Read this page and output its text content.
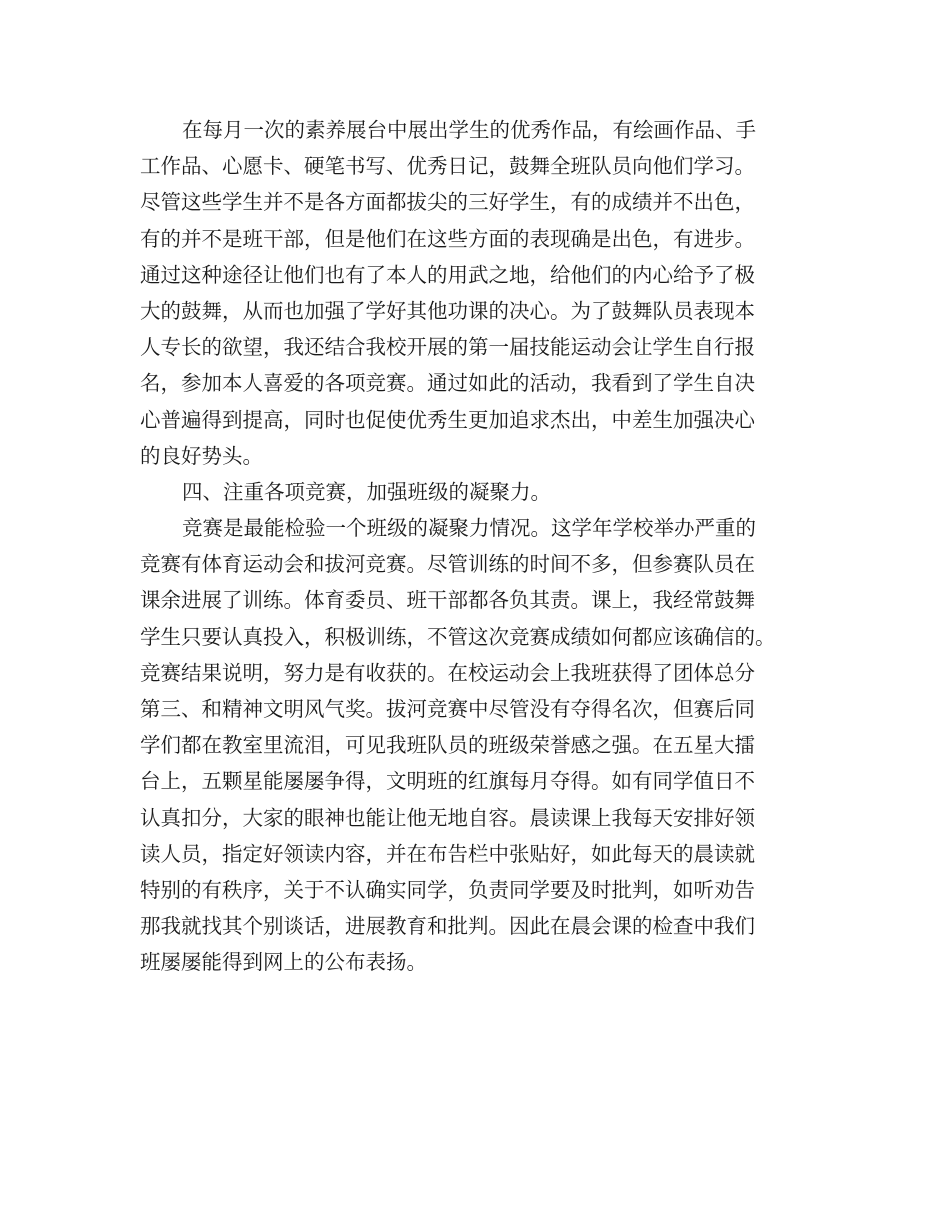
在每月一次的素养展台中展出学生的优秀作品，有绘画作品、手
工作品、心愿卡、硬笔书写、优秀日记，鼓舞全班队员向他们学习。
尽管这些学生并不是各方面都拔尖的三好学生，有的成绩并不出色，
有的并不是班干部，但是他们在这些方面的表现确是出色，有进步。
通过这种途径让他们也有了本人的用武之地，给他们的内心给予了极
大的鼓舞，从而也加强了学好其他功课的决心。为了鼓舞队员表现本
人专长的欲望，我还结合我校开展的第一届技能运动会让学生自行报
名，参加本人喜爱的各项竞赛。通过如此的活动，我看到了学生自决
心普遍得到提高，同时也促使优秀生更加追求杰出，中差生加强决心
的良好势头。
四、注重各项竞赛，加强班级的凝聚力。
竞赛是最能检验一个班级的凝聚力情况。这学年学校举办严重的
竞赛有体育运动会和拔河竞赛。尽管训练的时间不多，但参赛队员在
课余进展了训练。体育委员、班干部都各负其责。课上，我经常鼓舞
学生只要认真投入，积极训练，不管这次竞赛成绩如何都应该确信的。
竞赛结果说明，努力是有收获的。在校运动会上我班获得了团体总分
第三、和精神文明风气奖。拔河竞赛中尽管没有夺得名次，但赛后同
学们都在教室里流泪，可见我班队员的班级荣誉感之强。在五星大擂
台上，五颗星能屡屡争得，文明班的红旗每月夺得。如有同学值日不
认真扣分，大家的眼神也能让他无地自容。晨读课上我每天安排好领
读人员，指定好领读内容，并在布告栏中张贴好，如此每天的晨读就
特别的有秩序，关于不认确实同学，负责同学要及时批判，如听劝告
那我就找其个别谈话，进展教育和批判。因此在晨会课的检查中我们
班屡屡能得到网上的公布表扬。
